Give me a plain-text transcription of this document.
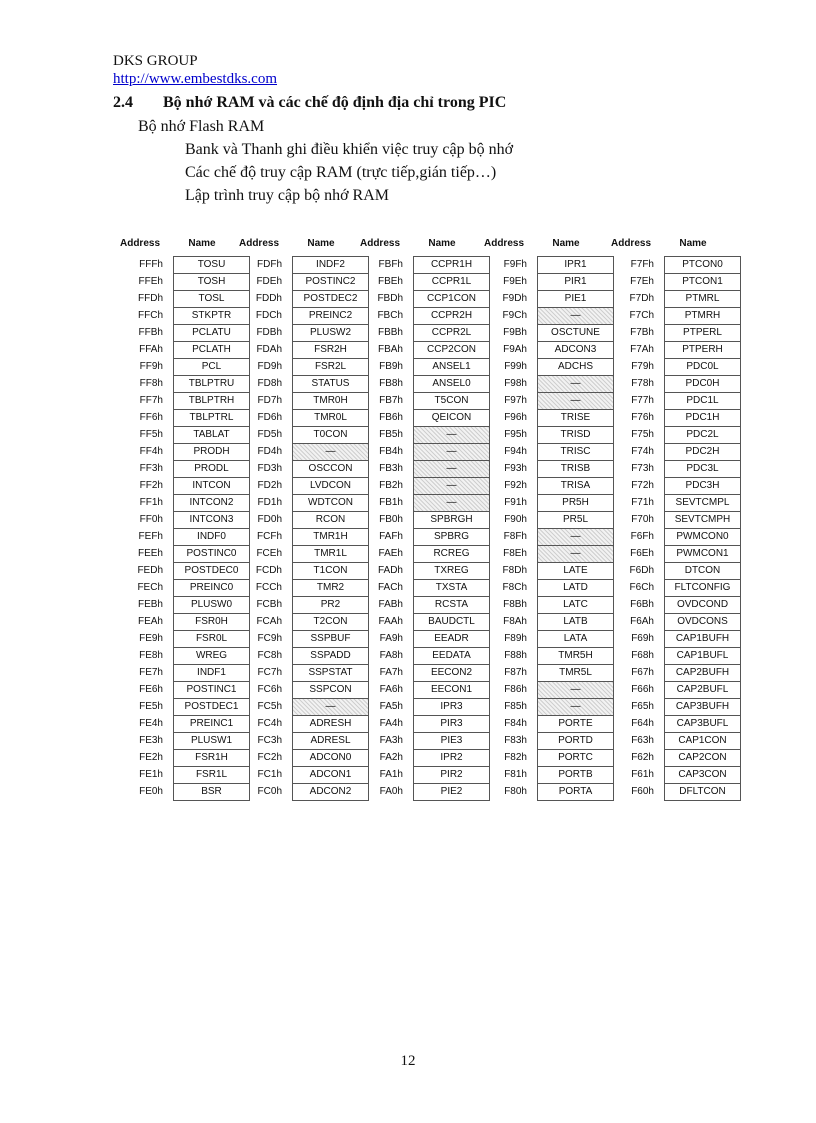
DKS GROUP
http://www.embestdks.com
2.4 Bộ nhớ RAM và các chế độ định địa chỉ trong PIC
Bộ nhớ Flash RAM
Bank và Thanh ghi điều khiển việc truy cập bộ nhớ
Các chế độ truy cập RAM (trực tiếp,gián tiếp…)
Lập trình truy cập bộ nhớ RAM
Address	Name
FFFh	TOSU
FFEh	TOSH
FFDh	TOSL
FFCh	STKPTR
FFBh	PCLATU
FFAh	PCLATH
FF9h	PCL
FF8h	TBLPTRU
FF7h	TBLPTRH
FF6h	TBLPTRL
FF5h	TABLAT
FF4h	PRODH
FF3h	PRODL
FF2h	INTCON
FF1h	INTCON2
FF0h	INTCON3
FEFh	INDF0
FEEh	POSTINC0
FEDh	POSTDEC0
FECh	PREINC0
FEBh	PLUSW0
FEAh	FSR0H
FE9h	FSR0L
FE8h	WREG
FE7h	INDF1
FE6h	POSTINC1
FE5h	POSTDEC1
FE4h	PREINC1
FE3h	PLUSW1
FE2h	FSR1H
FE1h	FSR1L
FE0h	BSR
Address	Name
FDFh	INDF2
FDEh	POSTINC2
FDDh	POSTDEC2
FDCh	PREINC2
FDBh	PLUSW2
FDAh	FSR2H
FD9h	FSR2L
FD8h	STATUS
FD7h	TMR0H
FD6h	TMR0L
FD5h	T0CON
FD4h	—
FD3h	OSCCON
FD2h	LVDCON
FD1h	WDTCON
FD0h	RCON
FCFh	TMR1H
FCEh	TMR1L
FCDh	T1CON
FCCh	TMR2
FCBh	PR2
FCAh	T2CON
FC9h	SSPBUF
FC8h	SSPADD
FC7h	SSPSTAT
FC6h	SSPCON
FC5h	—
FC4h	ADRESH
FC3h	ADRESL
FC2h	ADCON0
FC1h	ADCON1
FC0h	ADCON2
Address	Name
FBFh	CCPR1H
FBEh	CCPR1L
FBDh	CCP1CON
FBCh	CCPR2H
FBBh	CCPR2L
FBAh	CCP2CON
FB9h	ANSEL1
FB8h	ANSEL0
FB7h	T5CON
FB6h	QEICON
FB5h	—
FB4h	—
FB3h	—
FB2h	—
FB1h	—
FB0h	SPBRGH
FAFh	SPBRG
FAEh	RCREG
FADh	TXREG
FACh	TXSTA
FABh	RCSTA
FAAh	BAUDCTL
FA9h	EEADR
FA8h	EEDATA
FA7h	EECON2
FA6h	EECON1
FA5h	IPR3
FA4h	PIR3
FA3h	PIE3
FA2h	IPR2
FA1h	PIR2
FA0h	PIE2
Address	Name
F9Fh	IPR1
F9Eh	PIR1
F9Dh	PIE1
F9Ch	—
F9Bh	OSCTUNE
F9Ah	ADCON3
F99h	ADCHS
F98h	—
F97h	—
F96h	TRISE
F95h	TRISD
F94h	TRISC
F93h	TRISB
F92h	TRISA
F91h	PR5H
F90h	PR5L
F8Fh	—
F8Eh	—
F8Dh	LATE
F8Ch	LATD
F8Bh	LATC
F8Ah	LATB
F89h	LATA
F88h	TMR5H
F87h	TMR5L
F86h	—
F85h	—
F84h	PORTE
F83h	PORTD
F82h	PORTC
F81h	PORTB
F80h	PORTA
Address	Name
F7Fh	PTCON0
F7Eh	PTCON1
F7Dh	PTMRL
F7Ch	PTMRH
F7Bh	PTPERL
F7Ah	PTPERH
F79h	PDC0L
F78h	PDC0H
F77h	PDC1L
F76h	PDC1H
F75h	PDC2L
F74h	PDC2H
F73h	PDC3L
F72h	PDC3H
F71h	SEVTCMPL
F70h	SEVTCMPH
F6Fh	PWMCON0
F6Eh	PWMCON1
F6Dh	DTCON
F6Ch	FLTCONFIG
F6Bh	OVDCOND
F6Ah	OVDCONS
F69h	CAP1BUFH
F68h	CAP1BUFL
F67h	CAP2BUFH
F66h	CAP2BUFL
F65h	CAP3BUFH
F64h	CAP3BUFL
F63h	CAP1CON
F62h	CAP2CON
F61h	CAP3CON
F60h	DFLTCON
12
